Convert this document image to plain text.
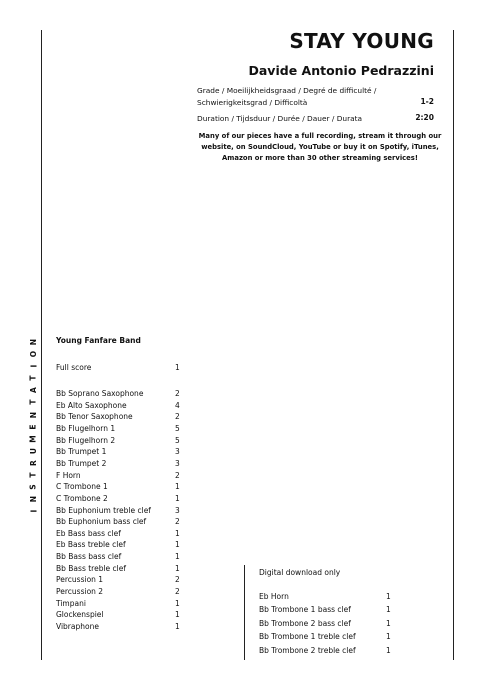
N
O
I
T
A
T
N
E
M
U
R
T
S
N
I
STAY YOUNG
Davide Antonio Pedrazzini
Grade / Moeilijkheidsgraad / Degré de difficulté / Schwierigkeitsgrad / Difficoltà	1-2
Duration / Tijdsduur / Durée / Dauer / Durata	2:20
Many of our pieces have a full recording, stream it through our website, on SoundCloud, YouTube or buy it on Spotify, iTunes, Amazon or more than 30 other streaming services!
Young Fanfare Band
Full score	1
Bb Soprano Saxophone	2
Eb Alto Saxophone	4
Bb Tenor Saxophone	2
Bb Flugelhorn 1	5
Bb Flugelhorn 2	5
Bb Trumpet 1	3
Bb Trumpet 2	3
F Horn	2
C Trombone 1	1
C Trombone 2	1
Bb Euphonium treble clef	3
Bb Euphonium bass clef	2
Eb Bass bass clef	1
Eb Bass treble clef	1
Bb Bass bass clef	1
Bb Bass treble clef	1
Percussion 1	2
Percussion 2	2
Timpani	1
Glockenspiel	1
Vibraphone	1
Digital download only
Eb Horn	1
Bb Trombone 1 bass clef	1
Bb Trombone 2 bass clef	1
Bb Trombone 1 treble clef	1
Bb Trombone 2 treble clef	1
